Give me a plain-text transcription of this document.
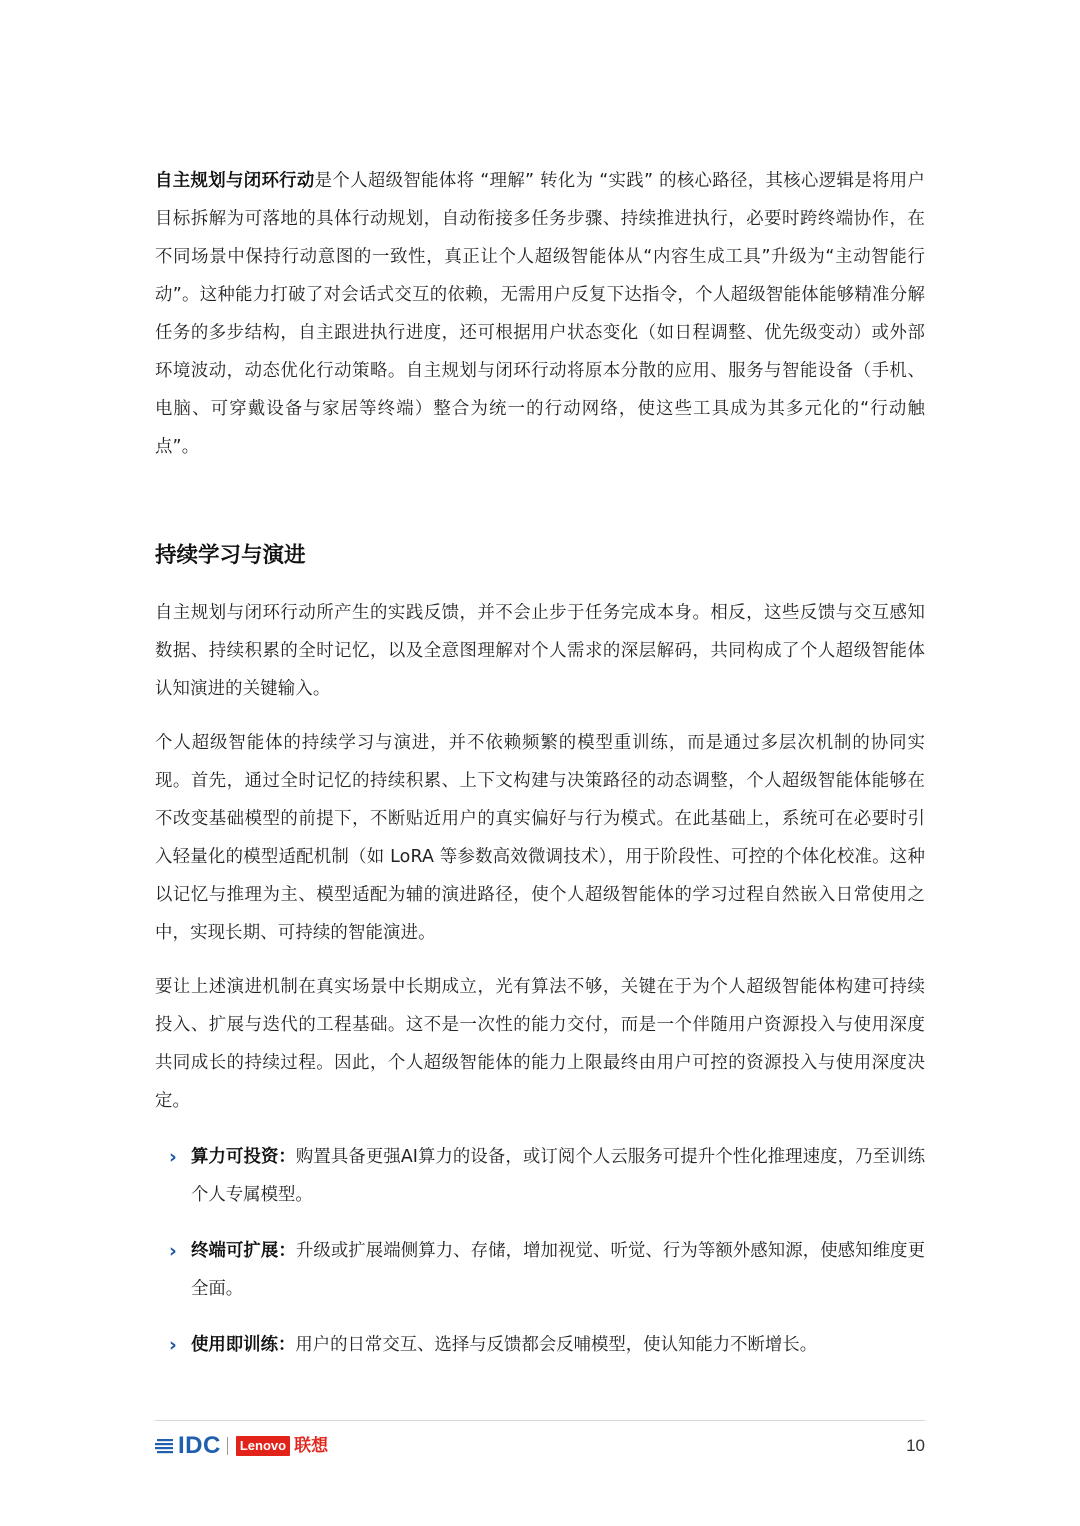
自主规划与闭环行动是个人超级智能体将 “理解” 转化为 “实践” 的核心路径，其核心逻辑是将用户目标拆解为可落地的具体行动规划，自动衔接多任务步骤、持续推进执行，必要时跨终端协作，在不同场景中保持行动意图的一致性，真正让个人超级智能体从“内容生成工具”升级为“主动智能行动”。这种能力打破了对会话式交互的依赖，无需用户反复下达指令，个人超级智能体能够精准分解任务的多步结构，自主跟进执行进度，还可根据用户状态变化（如日程调整、优先级变动）或外部环境波动，动态优化行动策略。自主规划与闭环行动将原本分散的应用、服务与智能设备（手机、电脑、可穿戴设备与家居等终端）整合为统一的行动网络，使这些工具成为其多元化的“行动触点”。

持续学习与演进

自主规划与闭环行动所产生的实践反馈，并不会止步于任务完成本身。相反，这些反馈与交互感知数据、持续积累的全时记忆，以及全意图理解对个人需求的深层解码，共同构成了个人超级智能体认知演进的关键输入。

个人超级智能体的持续学习与演进，并不依赖频繁的模型重训练，而是通过多层次机制的协同实现。首先，通过全时记忆的持续积累、上下文构建与决策路径的动态调整，个人超级智能体能够在不改变基础模型的前提下，不断贴近用户的真实偏好与行为模式。在此基础上，系统可在必要时引入轻量化的模型适配机制（如 LoRA 等参数高效微调技术），用于阶段性、可控的个体化校准。这种以记忆与推理为主、模型适配为辅的演进路径，使个人超级智能体的学习过程自然嵌入日常使用之中，实现长期、可持续的智能演进。

要让上述演进机制在真实场景中长期成立，光有算法不够，关键在于为个人超级智能体构建可持续投入、扩展与迭代的工程基础。这不是一次性的能力交付，而是一个伴随用户资源投入与使用深度共同成长的持续过程。因此，个人超级智能体的能力上限最终由用户可控的资源投入与使用深度决定。

› 算力可投资：购置具备更强AI算力的设备，或订阅个人云服务可提升个性化推理速度，乃至训练个人专属模型。
› 终端可扩展：升级或扩展端侧算力、存储，增加视觉、听觉、行为等额外感知源，使感知维度更全面。
› 使用即训练：用户的日常交互、选择与反馈都会反哺模型，使认知能力不断增长。
IDC	Lenovo 联想	10
